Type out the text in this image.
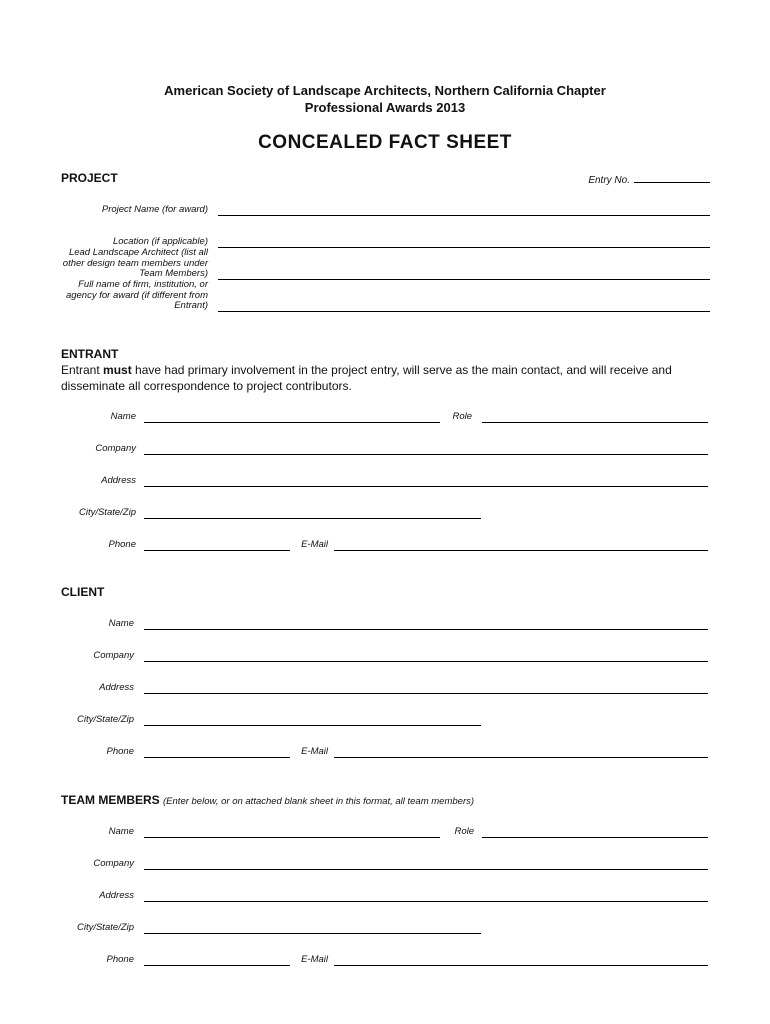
American Society of Landscape Architects, Northern California Chapter
Professional Awards 2013
CONCEALED FACT SHEET
PROJECT	Entry No.
Project Name (for award)
Location (if applicable)
Lead Landscape Architect (list all other design team members under Team Members)
Full name of firm, institution, or agency for award (if different from Entrant)
ENTRANT
Entrant must have had primary involvement in the project entry, will serve as the main contact, and will receive and disseminate all correspondence to project contributors.
Name	Role
Company
Address
City/State/Zip
Phone	E-Mail
CLIENT
Name
Company
Address
City/State/Zip
Phone	E-Mail
TEAM MEMBERS (Enter below, or on attached blank sheet in this format, all team members)
Name	Role
Company
Address
City/State/Zip
Phone	E-Mail
